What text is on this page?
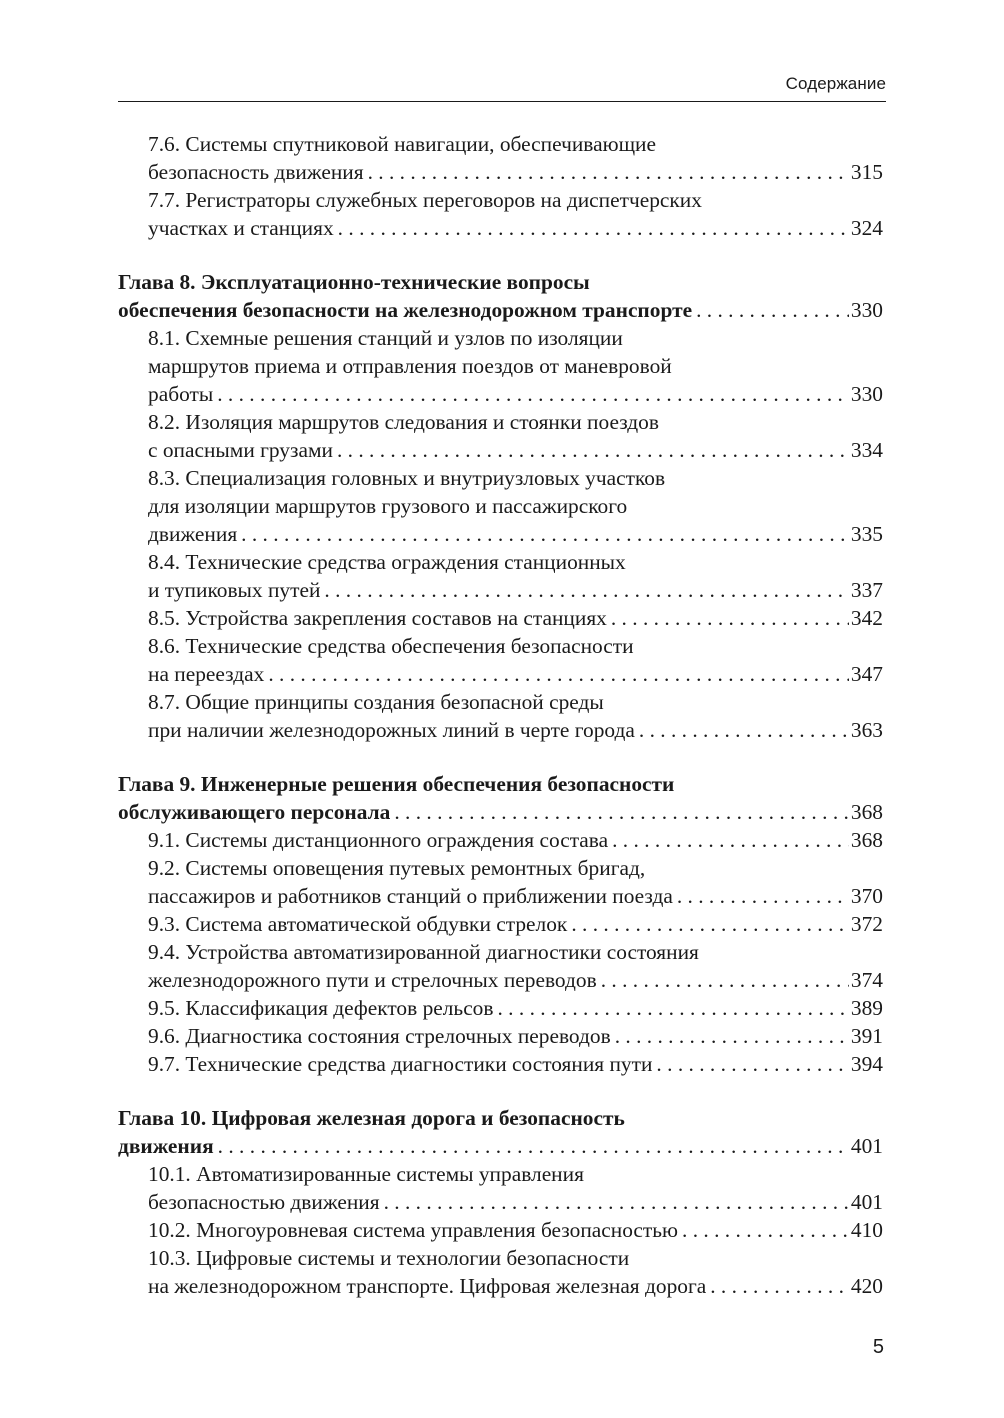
Содержание
7.6. Системы спутниковой навигации, обеспечивающие
безопасность движения . . .	315
7.7. Регистраторы служебных переговоров на диспетчерских
участках и станциях . . .	324
Глава 8. Эксплуатационно-технические вопросы
обеспечения безопасности на железнодорожном транспорте . . .	330
8.1. Схемные решения станций и узлов по изоляции
маршрутов приема и отправления поездов от маневровой
работы . . .	330
8.2. Изоляция маршрутов следования и стоянки поездов
с опасными грузами . . .	334
8.3. Специализация головных и внутриузловых участков
для изоляции маршрутов грузового и пассажирского
движения . . .	335
8.4. Технические средства ограждения станционных
и тупиковых путей . . .	337
8.5. Устройства закрепления составов на станциях . . .	342
8.6. Технические средства обеспечения безопасности
на переездах . . .	347
8.7. Общие принципы создания безопасной среды
при наличии железнодорожных линий в черте города . . .	363
Глава 9. Инженерные решения обеспечения безопасности
обслуживающего персонала . . .	368
9.1. Системы дистанционного ограждения состава . . .	368
9.2. Системы оповещения путевых ремонтных бригад,
пассажиров и работников станций о приближении поезда . . .	370
9.3. Система автоматической обдувки стрелок . . .	372
9.4. Устройства автоматизированной диагностики состояния
железнодорожного пути и стрелочных переводов . . .	374
9.5. Классификация дефектов рельсов . . .	389
9.6. Диагностика состояния стрелочных переводов . . .	391
9.7. Технические средства диагностики состояния пути . . .	394
Глава 10. Цифровая железная дорога и безопасность
движения . . .	401
10.1. Автоматизированные системы управления
безопасностью движения . . .	401
10.2. Многоуровневая система управления безопасностью . . .	410
10.3. Цифровые системы и технологии безопасности
на железнодорожном транспорте. Цифровая железная дорога . . .	420
5
